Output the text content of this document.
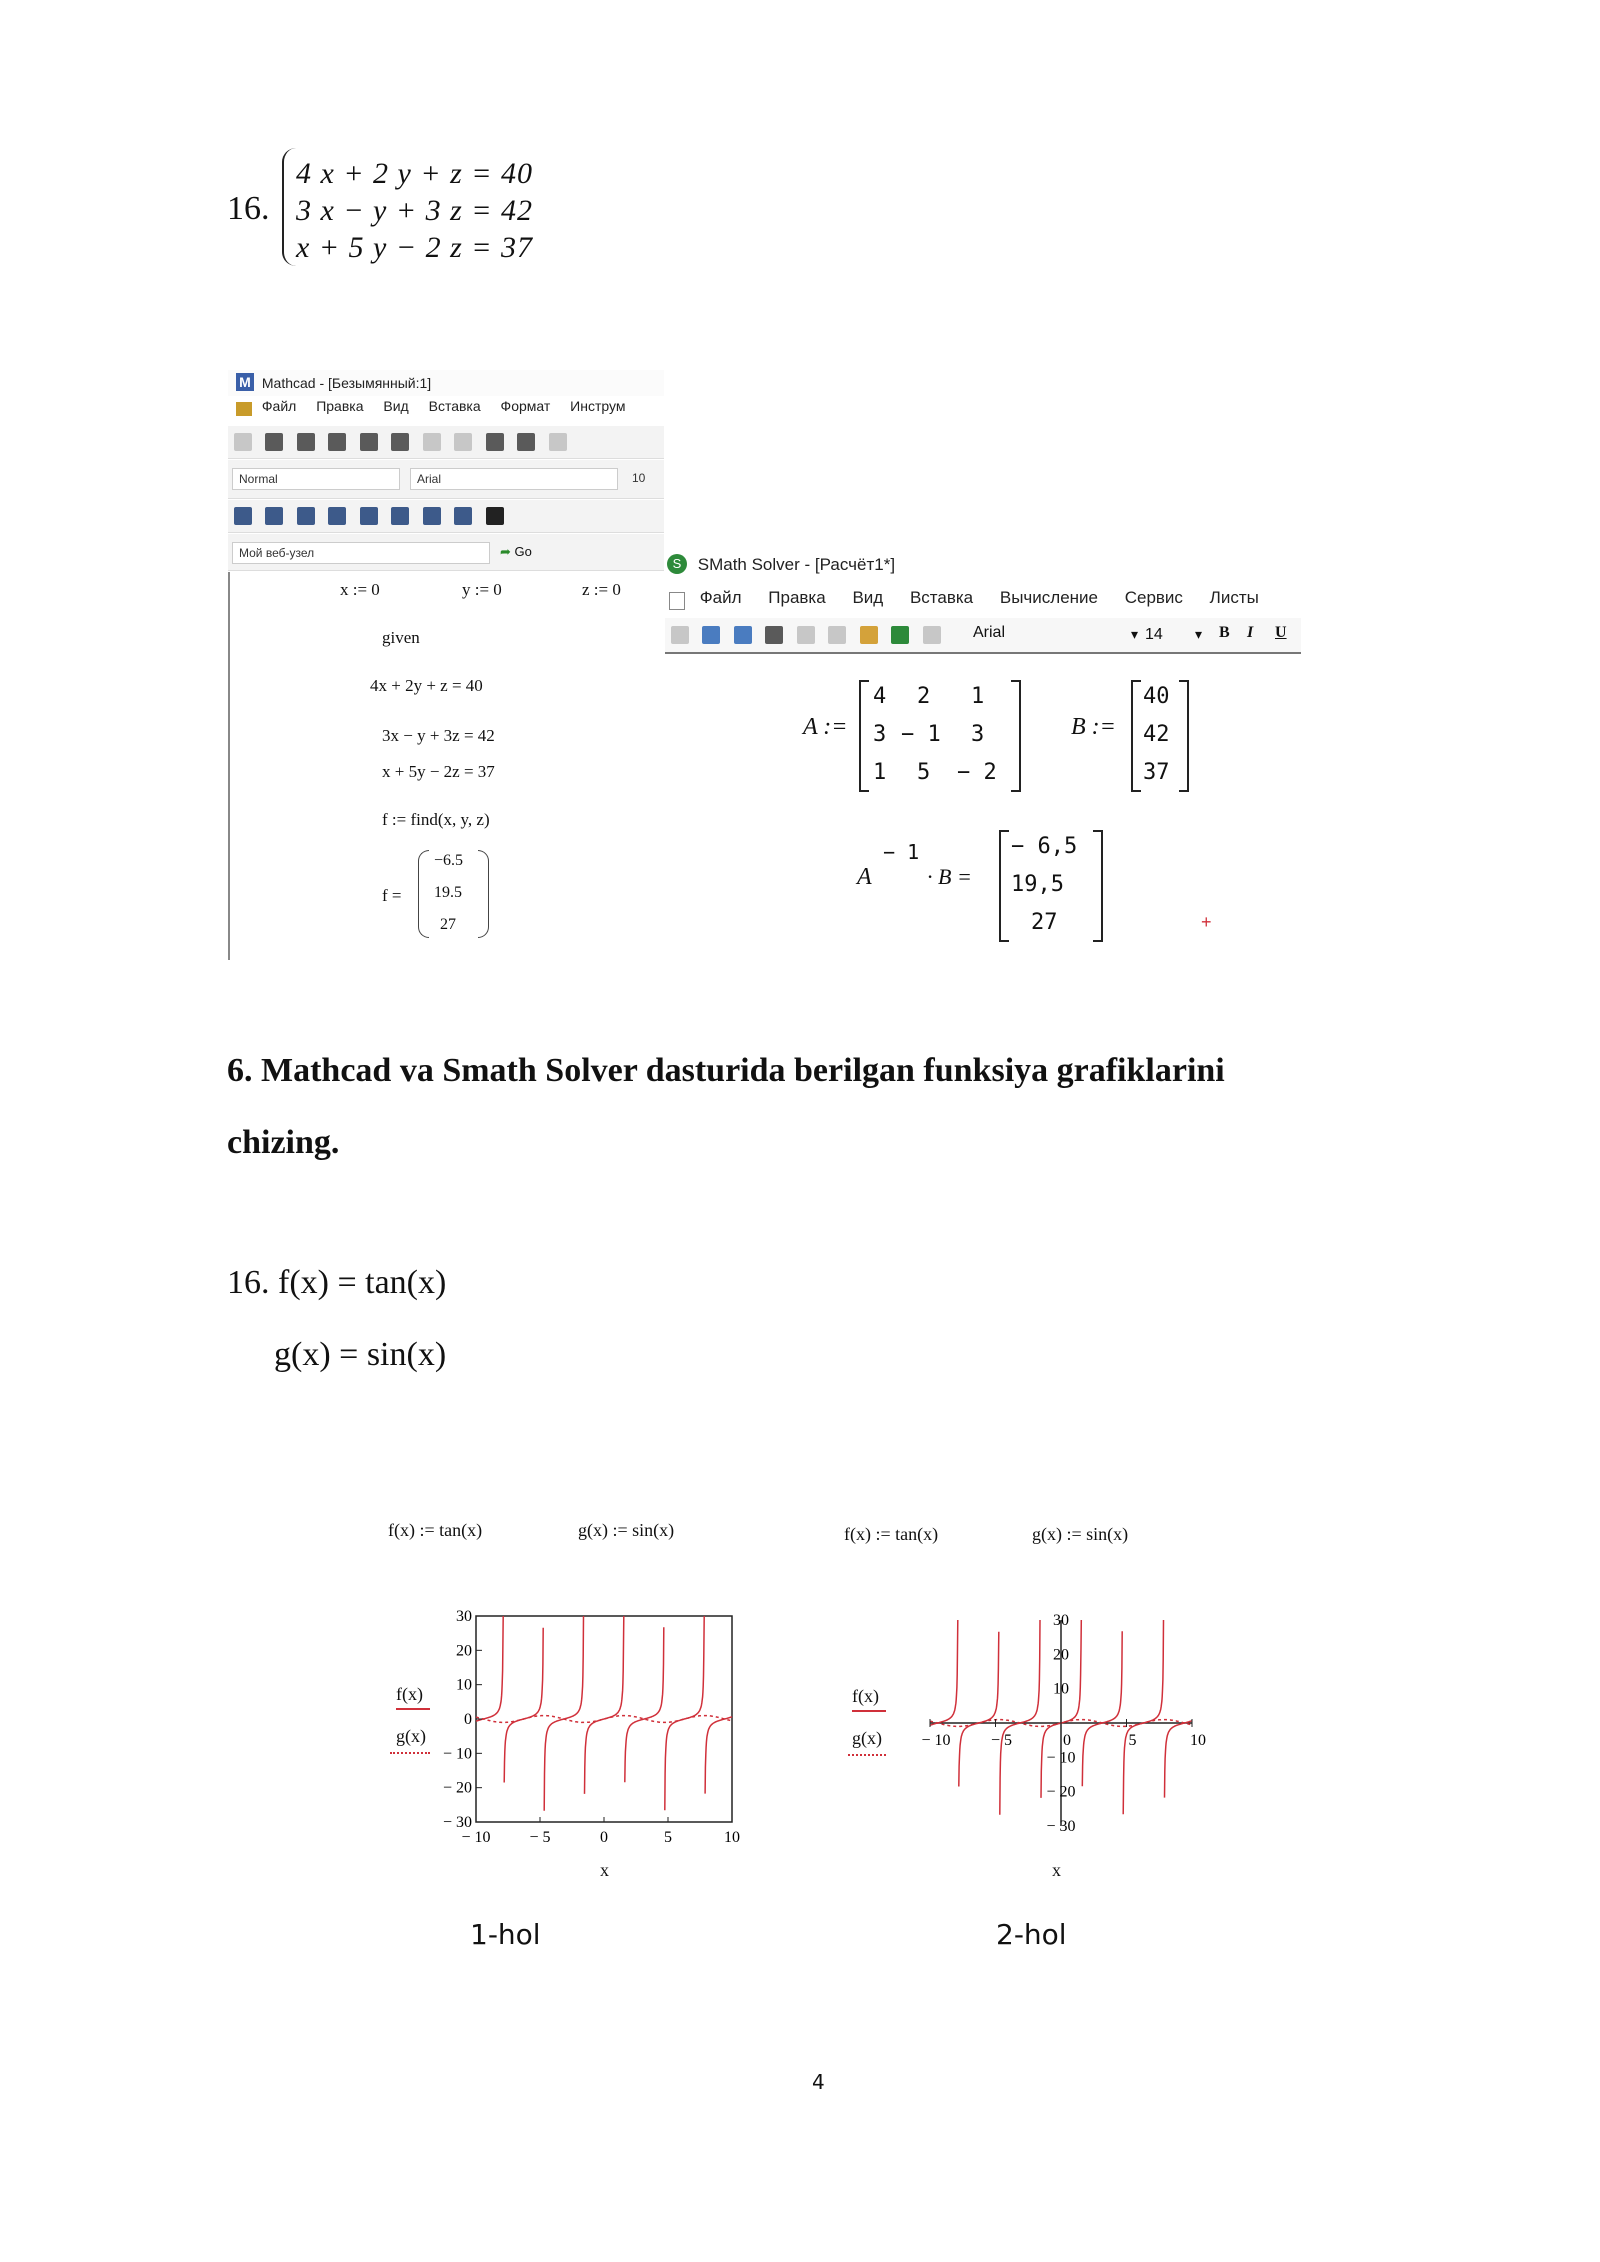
16.
4 x + 2 y + z = 40
3 x − y + 3 z = 42
x + 5 y − 2 z = 37
M Mathcad - [Безымянный:1]
Файл Правка Вид Вставка Формат Инструм

Normal	Arial	10

Мой веб-узел	➦ Go
x := 0	y := 0	z := 0
given
4x + 2y + z = 40
3x − y + 3z = 42
x + 5y − 2z = 37
f := find(x, y, z)
f =
−6.5
19.5
27
S SMath Solver - [Расчёт1*]
Файл Правка Вид Вставка Вычисление Сервис Листы

Arial	▾ 14 ▾ B I U
A :=
4 2 1
3 − 1 3
1 5 − 2
B :=
40
42
37
A
− 1
· B =
− 6,5
19,5
27	+
6. Mathcad va Smath Solver dasturida berilgan funksiya grafiklarini
chizing.
16. f(x) = tan(x)
g(x) = sin(x)
f(x) := tan(x)	g(x) := sin(x)
f(x)
g(x)
x
− 10 − 5	0	5	10
30
20
10
0
− 10
− 20
− 30
1-hol
f(x) := tan(x)	g(x) := sin(x)
f(x)
g(x)
x
− 10	− 5	0	5	10
30
20
10
− 10
− 20
− 30
2-hol
4
